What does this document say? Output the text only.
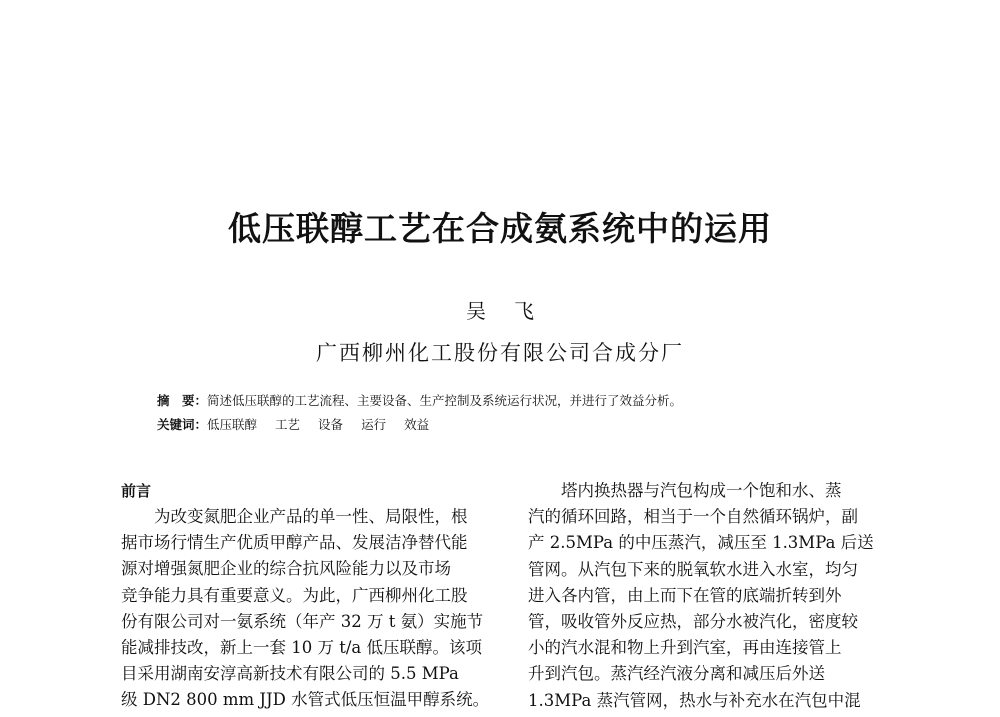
低压联醇工艺在合成氨系统中的运用
吴飞
广西柳州化工股份有限公司合成分厂
摘　要：简述低压联醇的工艺流程、主要设备、生产控制及系统运行状况，并进行了效益分析。
关键词：低压联醇 工艺 设备 运行 效益
前言
为改变氮肥企业产品的单一性、局限性，根
据市场行情生产优质甲醇产品、发展洁净替代能
源对增强氮肥企业的综合抗风险能力以及市场
竞争能力具有重要意义。为此，广西柳州化工股
份有限公司对一氨系统（年产 32 万 t 氨）实施节
能减排技改，新上一套 10 万 t/a 低压联醇。该项
目采用湖南安淳高新技术有限公司的 5.5 MPa
级 DN2 800 mm JJD 水管式低压恒温甲醇系统。
塔内换热器与汽包构成一个饱和水、蒸
汽的循环回路，相当于一个自然循环锅炉，副
产 2.5MPa 的中压蒸汽，减压至 1.3MPa 后送
管网。从汽包下来的脱氧软水进入水室，均匀
进入各内管，由上而下在管的底端折转到外
管，吸收管外反应热，部分水被汽化，密度较
小的汽水混和物上升到汽室，再由连接管上
升到汽包。蒸汽经汽液分离和减压后外送
1.3MPa 蒸汽管网，热水与补充水在汽包中混
